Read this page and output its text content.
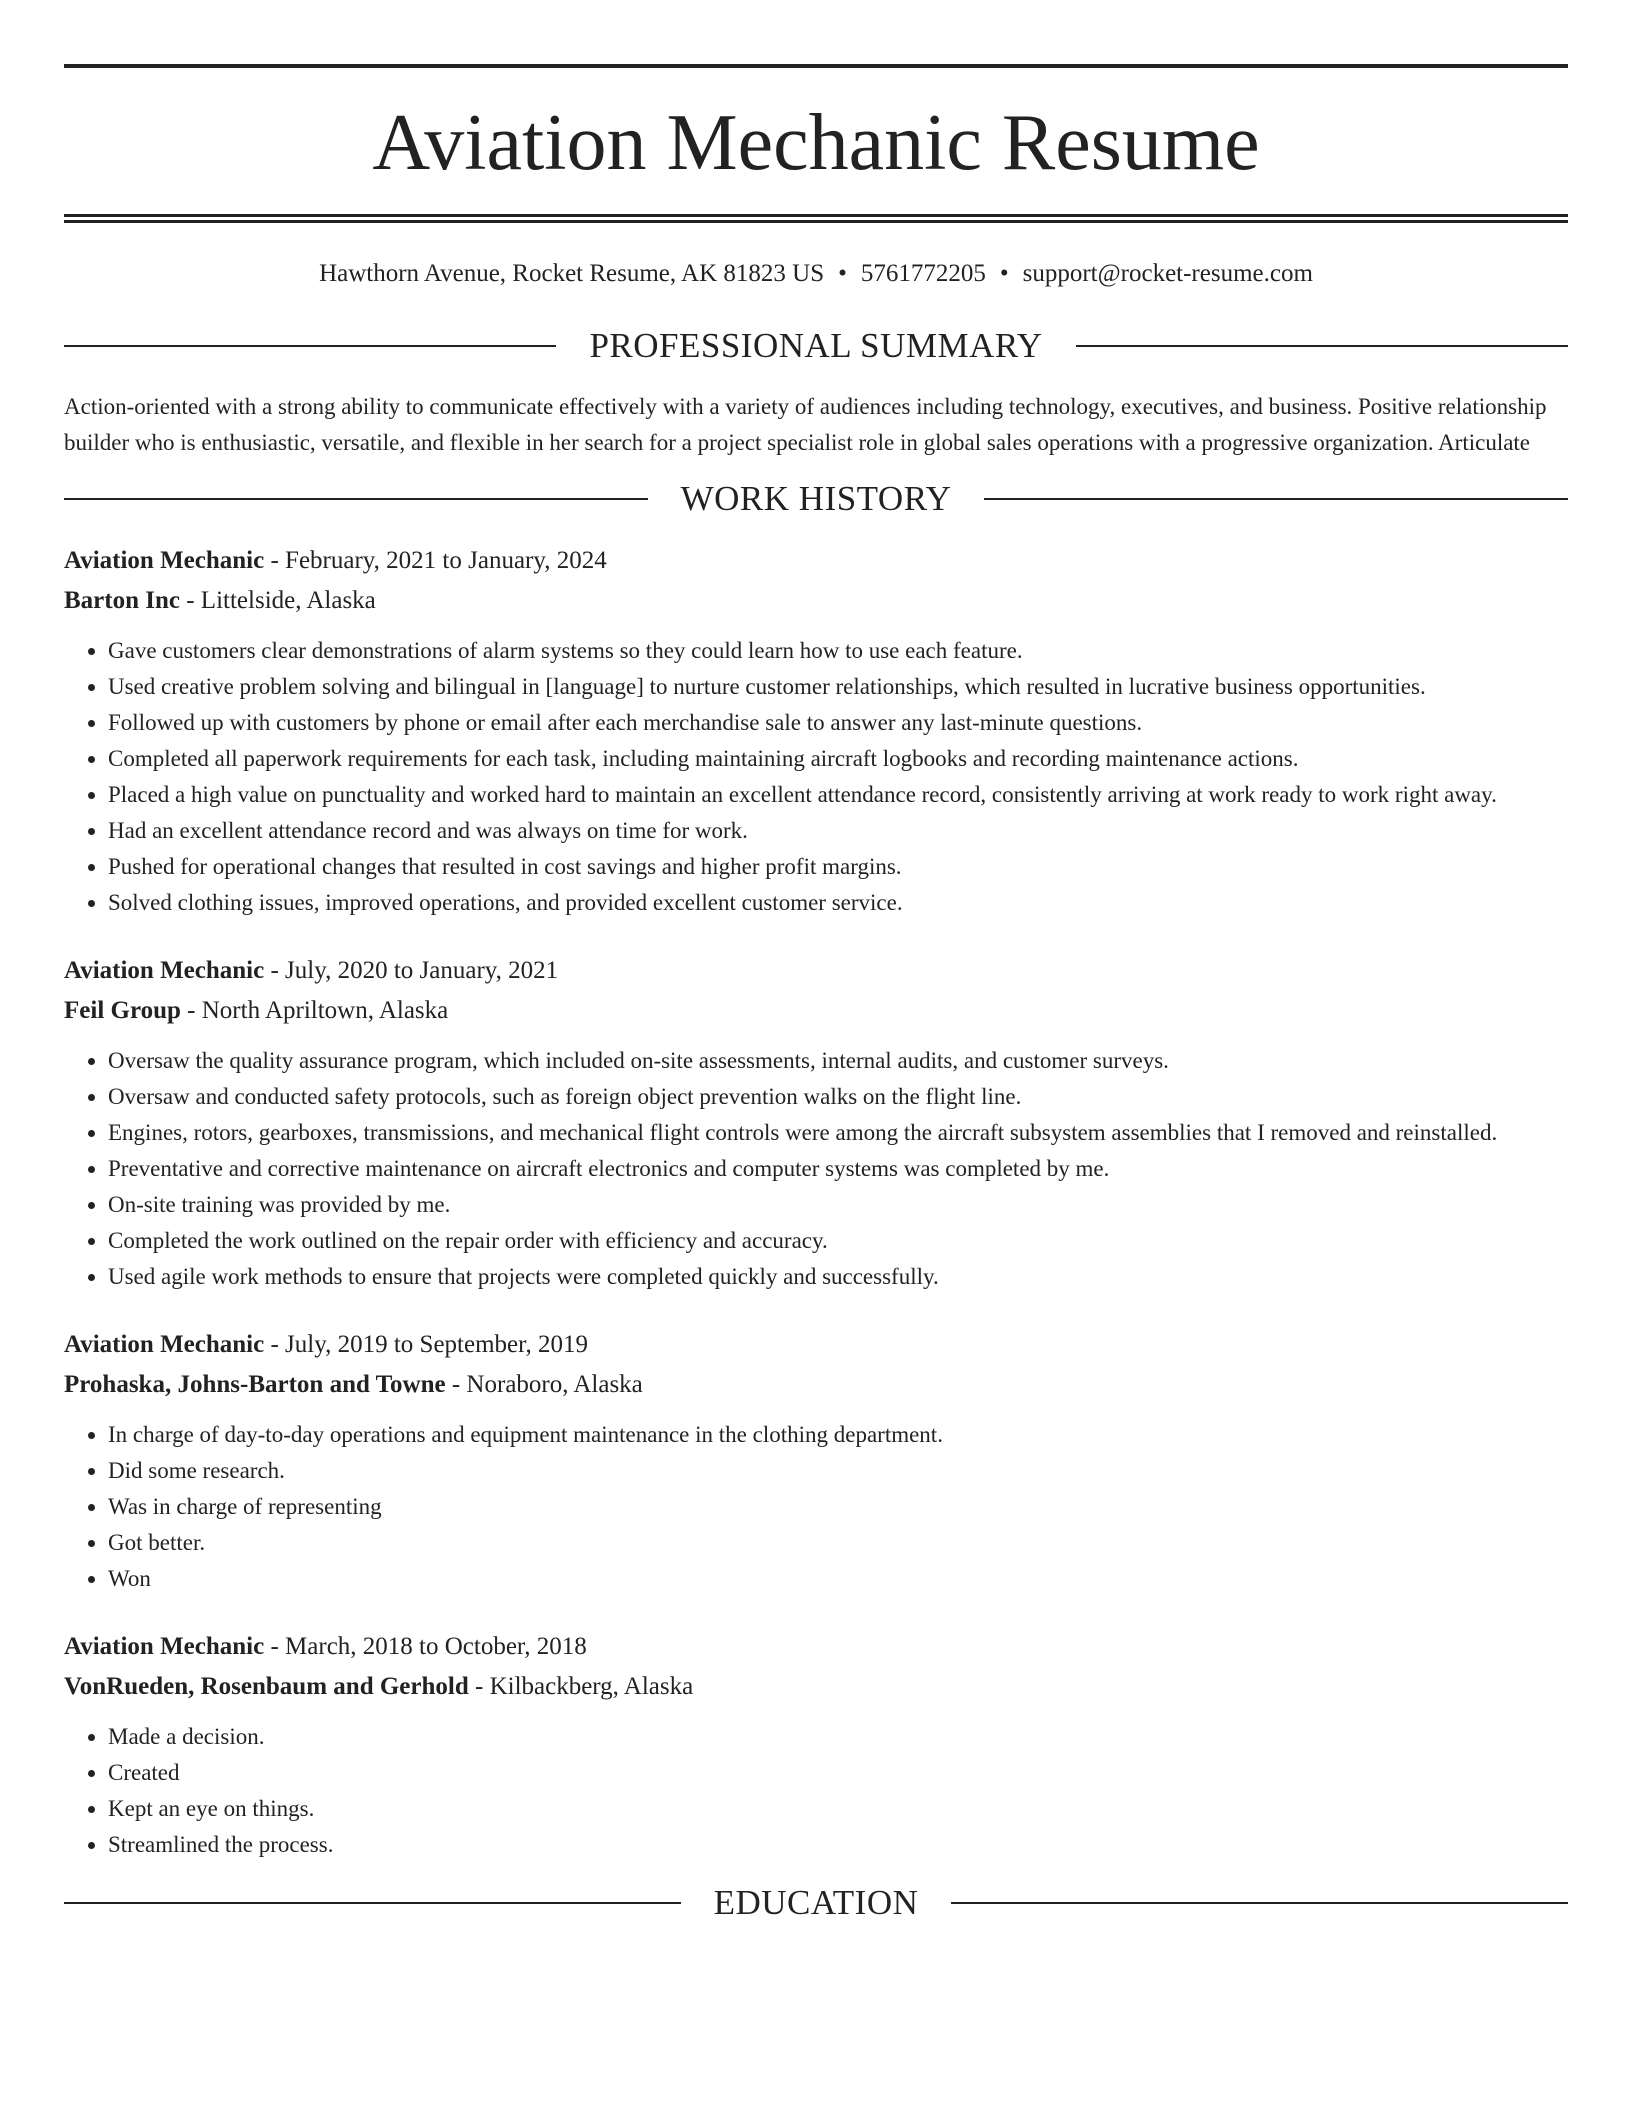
Aviation Mechanic Resume
Hawthorn Avenue, Rocket Resume, AK 81823 US • 5761772205 • support@rocket-resume.com
PROFESSIONAL SUMMARY
Action-oriented with a strong ability to communicate effectively with a variety of audiences including technology, executives, and business. Positive relationship builder who is enthusiastic, versatile, and flexible in her search for a project specialist role in global sales operations with a progressive organization. Articulate
WORK HISTORY
Aviation Mechanic - February, 2021 to January, 2024
Barton Inc - Littelside, Alaska
• Gave customers clear demonstrations of alarm systems so they could learn how to use each feature.
• Used creative problem solving and bilingual in [language] to nurture customer relationships, which resulted in lucrative business opportunities.
• Followed up with customers by phone or email after each merchandise sale to answer any last-minute questions.
• Completed all paperwork requirements for each task, including maintaining aircraft logbooks and recording maintenance actions.
• Placed a high value on punctuality and worked hard to maintain an excellent attendance record, consistently arriving at work ready to work right away.
• Had an excellent attendance record and was always on time for work.
• Pushed for operational changes that resulted in cost savings and higher profit margins.
• Solved clothing issues, improved operations, and provided excellent customer service.
Aviation Mechanic - July, 2020 to January, 2021
Feil Group - North Apriltown, Alaska
• Oversaw the quality assurance program, which included on-site assessments, internal audits, and customer surveys.
• Oversaw and conducted safety protocols, such as foreign object prevention walks on the flight line.
• Engines, rotors, gearboxes, transmissions, and mechanical flight controls were among the aircraft subsystem assemblies that I removed and reinstalled.
• Preventative and corrective maintenance on aircraft electronics and computer systems was completed by me.
• On-site training was provided by me.
• Completed the work outlined on the repair order with efficiency and accuracy.
• Used agile work methods to ensure that projects were completed quickly and successfully.
Aviation Mechanic - July, 2019 to September, 2019
Prohaska, Johns-Barton and Towne - Noraboro, Alaska
• In charge of day-to-day operations and equipment maintenance in the clothing department.
• Did some research.
• Was in charge of representing
• Got better.
• Won
Aviation Mechanic - March, 2018 to October, 2018
VonRueden, Rosenbaum and Gerhold - Kilbackberg, Alaska
• Made a decision.
• Created
• Kept an eye on things.
• Streamlined the process.
EDUCATION
